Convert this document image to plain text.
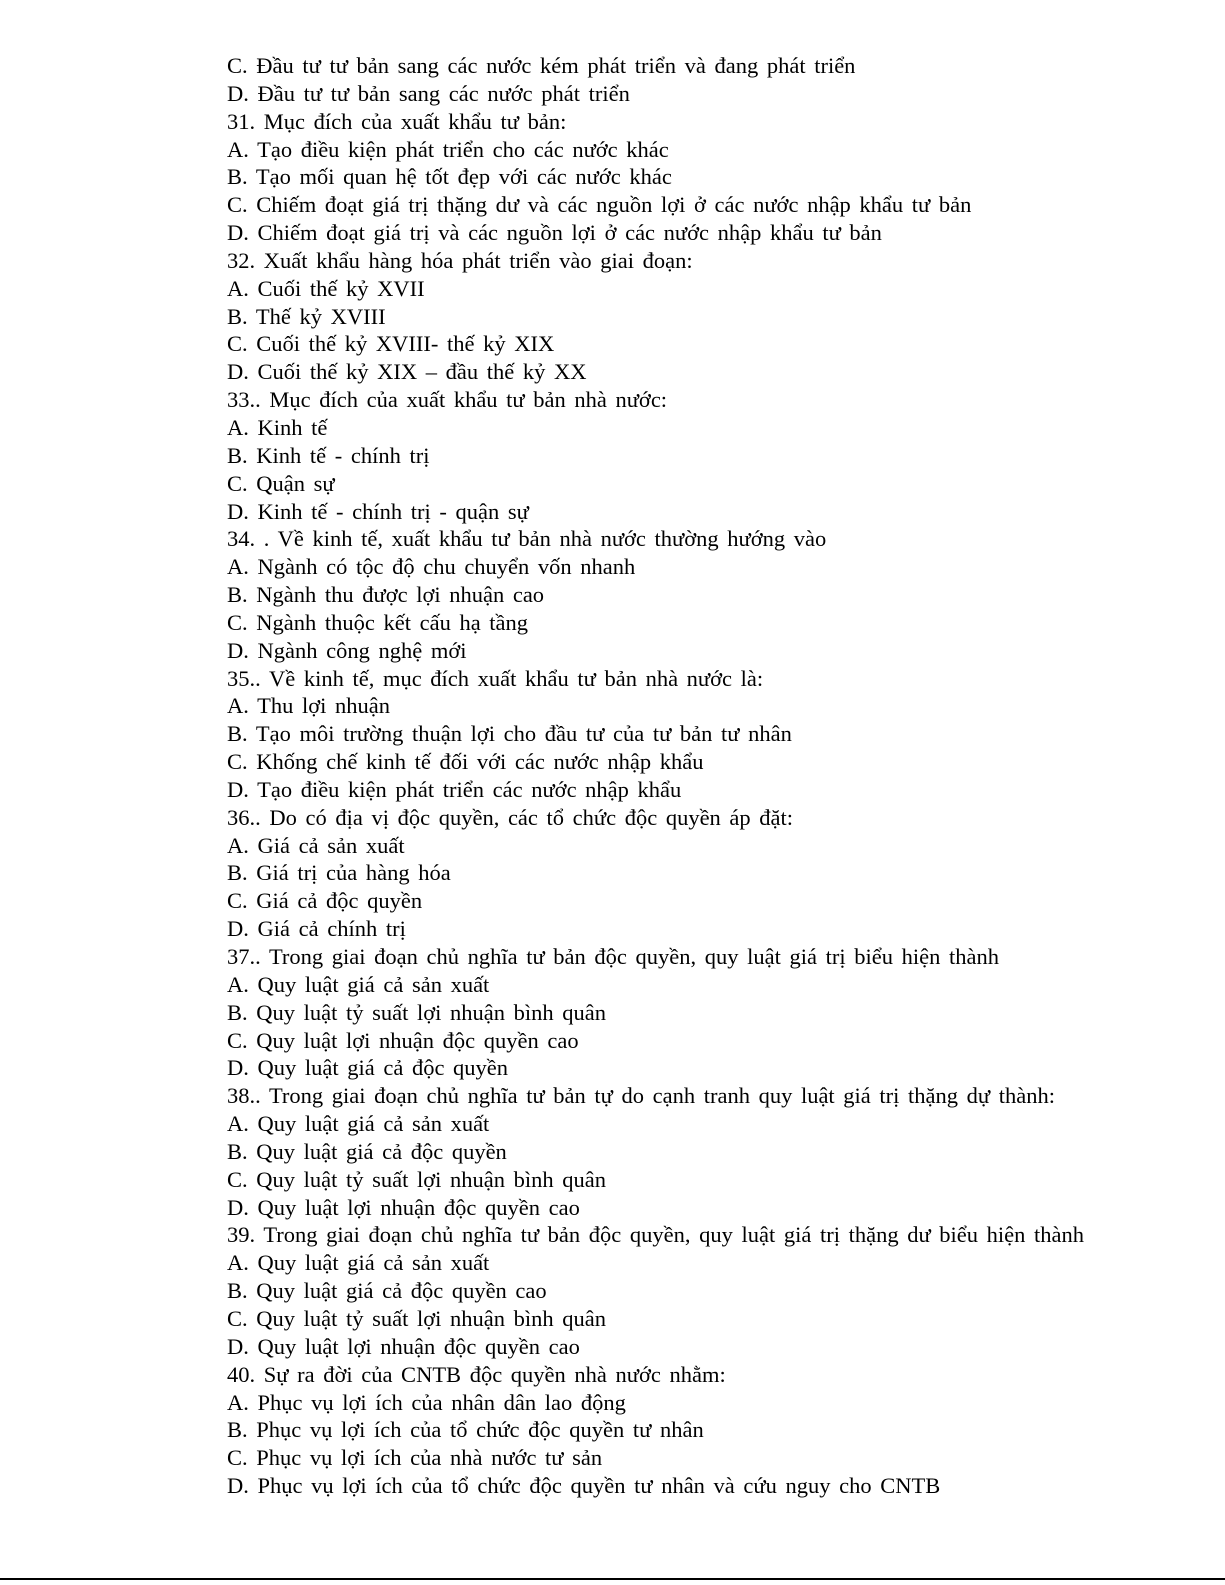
C. Đầu tư tư bản sang các nước kém phát triển và đang phát triển
D. Đầu tư tư bản sang các nước phát triển
31. Mục đích của xuất khẩu tư bản:
A. Tạo điều kiện phát triển cho các nước khác
B. Tạo mối quan hệ tốt đẹp với các nước khác
C. Chiếm đoạt giá trị thặng dư và các nguồn lợi ở các nước nhập khẩu tư bản
D. Chiếm đoạt giá trị và các nguồn lợi ở các nước nhập khẩu tư bản
32. Xuất khẩu hàng hóa phát triển vào giai đoạn:
A. Cuối thế kỷ XVII
B. Thế kỷ XVIII
C. Cuối thế kỷ XVIII- thế kỷ XIX
D. Cuối thế kỷ XIX – đầu thế kỷ XX
33.. Mục đích của xuất khẩu tư bản nhà nước:
A. Kinh tế
B. Kinh tế - chính trị
C. Quận sự
D. Kinh tế - chính trị - quận sự
34. . Về kinh tế, xuất khẩu tư bản nhà nước thường hướng vào
A. Ngành có tộc độ chu chuyển vốn nhanh
B. Ngành thu được lợi nhuận cao
C. Ngành thuộc kết cấu hạ tầng
D. Ngành công nghệ mới
35.. Về kinh tế, mục đích xuất khẩu tư bản nhà nước là:
A. Thu lợi nhuận
B. Tạo môi trường thuận lợi cho đầu tư của tư bản tư nhân
C. Khống chế kinh tế đối với các nước nhập khẩu
D. Tạo điều kiện phát triển các nước nhập khẩu
36.. Do có địa vị độc quyền, các tổ chức độc quyền áp đặt:
A. Giá cả sản xuất
B. Giá trị của hàng hóa
C. Giá cả độc quyền
D. Giá cả chính trị
37.. Trong giai đoạn chủ nghĩa tư bản độc quyền, quy luật giá trị biểu hiện thành
A. Quy luật giá cả sản xuất
B. Quy luật tỷ suất lợi nhuận bình quân
C. Quy luật lợi nhuận độc quyền cao
D. Quy luật giá cả độc quyền
38.. Trong giai đoạn chủ nghĩa tư bản tự do cạnh tranh quy luật giá trị thặng dự thành:
A. Quy luật giá cả sản xuất
B. Quy luật giá cả độc quyền
C. Quy luật tỷ suất lợi nhuận bình quân
D. Quy luật lợi nhuận độc quyền cao
39. Trong giai đoạn chủ nghĩa tư bản độc quyền, quy luật giá trị thặng dư biểu hiện thành
A. Quy luật giá cả sản xuất
B. Quy luật giá cả độc quyền cao
C. Quy luật tỷ suất lợi nhuận bình quân
D. Quy luật lợi nhuận độc quyền cao
40. Sự ra đời của CNTB độc quyền nhà nước nhằm:
A. Phục vụ lợi ích của nhân dân lao động
B. Phục vụ lợi ích của tổ chức độc quyền tư nhân
C. Phục vụ lợi ích của nhà nước tư sản
D. Phục vụ lợi ích của tổ chức độc quyền tư nhân và cứu nguy cho CNTB
